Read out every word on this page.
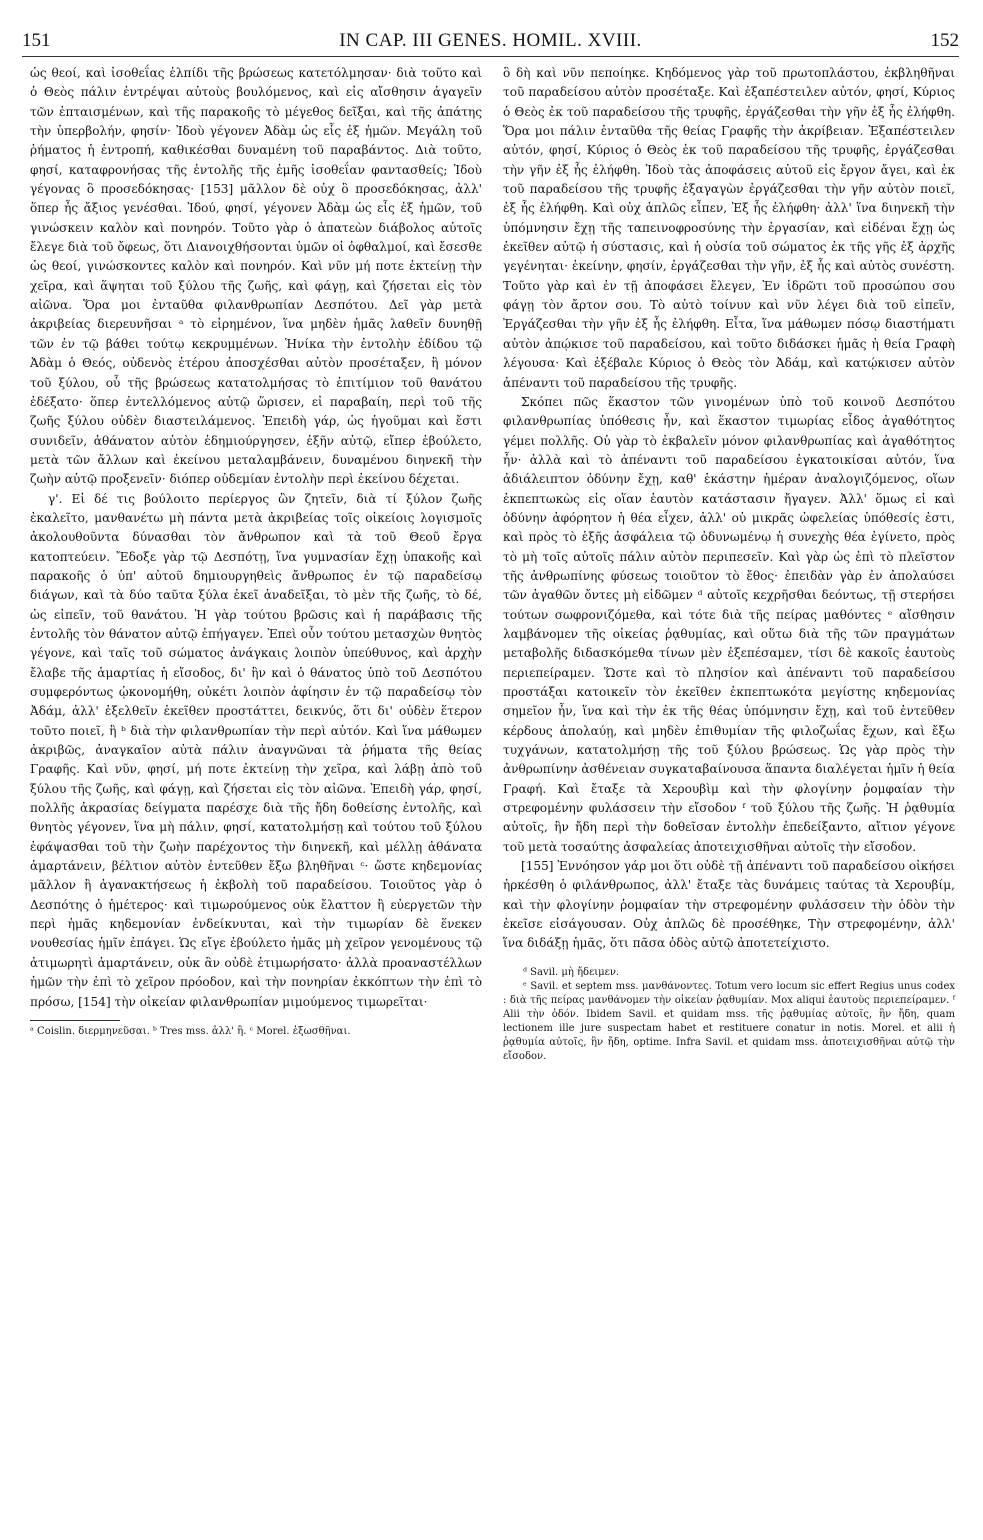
151	IN CAP. III GENES. HOMIL. XVIII.	152

ὡς θεοί, καὶ ἰσοθεΐας ἐλπίδι τῆς βρώσεως κατετόλμησαν· διὰ τοῦτο καὶ ὁ Θεὸς πάλιν ἐντρέψαι αὐτοὺς βουλόμενος, καὶ εἰς αἴσθησιν ἀγαγεῖν τῶν ἐπταισμένων, καὶ τῆς παρακοῆς τὸ μέγεθος δεῖξαι, καὶ τῆς ἀπάτης τὴν ὑπερβολήν, φησίν· Ἰδοὺ γέγονεν Ἀδὰμ ὡς εἷς ἐξ ἡμῶν. Μεγάλη τοῦ ῥήματος ἡ ἐντροπή, καθικέσθαι δυναμένη τοῦ παραβάντος. Διὰ τοῦτο, φησί, καταφρονήσας τῆς ἐντολῆς τῆς ἐμῆς ἰσοθεΐαν φαντασθείς; Ἰδοὺ γέγονας ὃ προσεδόκησας· [153] μᾶλλον δὲ οὐχ ὃ προσεδόκησας, ἀλλ' ὅπερ ἦς ἄξιος γενέσθαι. Ἰδού, φησί, γέγονεν Ἀδὰμ ὡς εἷς ἐξ ἡμῶν, τοῦ γινώσκειν καλὸν καὶ πονηρόν. Τοῦτο γὰρ ὁ ἀπατεὼν διάβολος αὐτοῖς ἔλεγε διὰ τοῦ ὄφεως, ὅτι Διανοιχθήσονται ὑμῶν οἱ ὀφθαλμοί, καὶ ἔσεσθε ὡς θεοί, γινώσκοντες καλὸν καὶ πονηρόν. Καὶ νῦν μή ποτε ἐκτείνῃ τὴν χεῖρα, καὶ ἅψηται τοῦ ξύλου τῆς ζωῆς, καὶ φάγῃ, καὶ ζήσεται εἰς τὸν αἰῶνα. Ὅρα μοι ἐνταῦθα φιλανθρωπίαν Δεσπότου. Δεῖ γὰρ μετὰ ἀκριβείας διερευνῆσαι ᵃ τὸ εἰρημένον, ἵνα μηδὲν ἡμᾶς λαθεῖν δυνηθῇ τῶν ἐν τῷ βάθει τούτῳ κεκρυμμένων. Ἡνίκα τὴν ἐντολὴν ἐδίδου τῷ Ἀδὰμ ὁ Θεός, οὐδενὸς ἑτέρου ἀποσχέσθαι αὐτὸν προσέταξεν, ἢ μόνον τοῦ ξύλου, οὗ τῆς βρώσεως κατατολμήσας τὸ ἐπιτίμιον τοῦ θανάτου ἐδέξατο· ὅπερ ἐντελλόμενος αὐτῷ ὥρισεν, εἰ παραβαίη, περὶ τοῦ τῆς ζωῆς ξύλου οὐδὲν διαστειλάμενος. Ἐπειδὴ γάρ, ὡς ἡγοῦμαι καὶ ἔστι συνιδεῖν, ἀθάνατον αὐτὸν ἐδημιούργησεν, ἐξῆν αὐτῷ, εἴπερ ἐβούλετο, μετὰ τῶν ἄλλων καὶ ἐκείνου μεταλαμβάνειν, δυναμένου διηνεκῆ τὴν ζωὴν αὐτῷ προξενεῖν· διόπερ οὐδεμίαν ἐντολὴν περὶ ἐκείνου δέχεται.

γ'. Εἰ δέ τις βούλοιτο περίεργος ὢν ζητεῖν, διὰ τί ξύλον ζωῆς ἐκαλεῖτο, μανθανέτω μὴ πάντα μετὰ ἀκριβείας τοῖς οἰκείοις λογισμοῖς ἀκολουθοῦντα δύνασθαι τὸν ἄνθρωπον καὶ τὰ τοῦ Θεοῦ ἔργα κατοπτεύειν. Ἔδοξε γὰρ τῷ Δεσπότῃ, ἵνα γυμνασίαν ἔχῃ ὑπακοῆς καὶ παρακοῆς ὁ ὑπ' αὐτοῦ δημιουργηθεὶς ἄνθρωπος ἐν τῷ παραδείσῳ διάγων, καὶ τὰ δύο ταῦτα ξύλα ἐκεῖ ἀναδεῖξαι, τὸ μὲν τῆς ζωῆς, τὸ δέ, ὡς εἰπεῖν, τοῦ θανάτου. Ἡ γὰρ τούτου βρῶσις καὶ ἡ παράβασις τῆς ἐντολῆς τὸν θάνατον αὐτῷ ἐπήγαγεν. Ἐπεὶ οὖν τούτου μετασχὼν θνητὸς γέγονε, καὶ ταῖς τοῦ σώματος ἀνάγκαις λοιπὸν ὑπεύθυνος, καὶ ἀρχὴν ἔλαβε τῆς ἁμαρτίας ἡ εἴσοδος, δι' ἣν καὶ ὁ θάνατος ὑπὸ τοῦ Δεσπότου συμφερόντως ᾠκονομήθη, οὐκέτι λοιπὸν ἀφίησιν ἐν τῷ παραδείσῳ τὸν Ἀδάμ, ἀλλ' ἐξελθεῖν ἐκεῖθεν προστάττει, δεικνύς, ὅτι δι' οὐδὲν ἕτερον τοῦτο ποιεῖ, ἢ ᵇ διὰ τὴν φιλανθρωπίαν τὴν περὶ αὐτόν. Καὶ ἵνα μάθωμεν ἀκριβῶς, ἀναγκαῖον αὐτὰ πάλιν ἀναγνῶναι τὰ ῥήματα τῆς θείας Γραφῆς. Καὶ νῦν, φησί, μή ποτε ἐκτείνῃ τὴν χεῖρα, καὶ λάβῃ ἀπὸ τοῦ ξύλου τῆς ζωῆς, καὶ φάγῃ, καὶ ζήσεται εἰς τὸν αἰῶνα. Ἐπειδὴ γάρ, φησί, πολλῆς ἀκρασίας δείγματα παρέσχε διὰ τῆς ἤδη δοθείσης ἐντολῆς, καὶ θνητὸς γέγονεν, ἵνα μὴ πάλιν, φησί, κατατολμήσῃ καὶ τούτου τοῦ ξύλου ἐφάψασθαι τοῦ τὴν ζωὴν παρέχοντος τὴν διηνεκῆ, καὶ μέλλῃ ἀθάνατα ἁμαρτάνειν, βέλτιον αὐτὸν ἐντεῦθεν ἔξω βληθῆναι ᶜ· ὥστε κηδεμονίας μᾶλλον ἢ ἀγανακτήσεως ἡ ἐκβολὴ τοῦ παραδείσου. Τοιοῦτος γὰρ ὁ Δεσπότης ὁ ἡμέτερος· καὶ τιμωρούμενος οὐκ ἔλαττον ἢ εὐεργετῶν τὴν περὶ ἡμᾶς κηδεμονίαν ἐνδείκνυται, καὶ τὴν τιμωρίαν δὲ ἕνεκεν νουθεσίας ἡμῖν ἐπάγει. Ὡς εἴγε ἐβούλετο ἡμᾶς μὴ χεῖρον γενομένους τῷ ἀτιμωρητὶ ἁμαρτάνειν, οὐκ ἂν οὐδὲ ἐτιμωρήσατο· ἀλλὰ προαναστέλλων ἡμῶν τὴν ἐπὶ τὸ χεῖρον πρόοδον, καὶ τὴν πονηρίαν ἐκκόπτων τὴν ἐπὶ τὸ πρόσω, [154] τὴν οἰκείαν φιλανθρωπίαν μιμούμενος τιμωρεῖται·

ᵃ Coislin. διερμηνεῦσαι. ᵇ Tres mss. ἀλλ' ἢ. ᶜ Morel. ἐξωσθῆναι.

ὃ δὴ καὶ νῦν πεποίηκε. Κηδόμενος γὰρ τοῦ πρωτοπλάστου, ἐκβληθῆναι τοῦ παραδείσου αὐτὸν προσέταξε. Καὶ ἐξαπέστειλεν αὐτόν, φησί, Κύριος ὁ Θεὸς ἐκ τοῦ παραδείσου τῆς τρυφῆς, ἐργάζεσθαι τὴν γῆν ἐξ ἧς ἐλήφθη. Ὅρα μοι πάλιν ἐνταῦθα τῆς θείας Γραφῆς τὴν ἀκρίβειαν. Ἐξαπέστειλεν αὐτόν, φησί, Κύριος ὁ Θεὸς ἐκ τοῦ παραδείσου τῆς τρυφῆς, ἐργάζεσθαι τὴν γῆν ἐξ ἧς ἐλήφθη. Ἰδοὺ τὰς ἀποφάσεις αὐτοῦ εἰς ἔργον ἄγει, καὶ ἐκ τοῦ παραδείσου τῆς τρυφῆς ἐξαγαγὼν ἐργάζεσθαι τὴν γῆν αὐτὸν ποιεῖ, ἐξ ἧς ἐλήφθη. Καὶ οὐχ ἁπλῶς εἶπεν, Ἐξ ἧς ἐλήφθη· ἀλλ' ἵνα διηνεκῆ τὴν ὑπόμνησιν ἔχῃ τῆς ταπεινοφροσύνης τὴν ἐργασίαν, καὶ εἰδέναι ἔχῃ ὡς ἐκεῖθεν αὐτῷ ἡ σύστασις, καὶ ἡ οὐσία τοῦ σώματος ἐκ τῆς γῆς ἐξ ἀρχῆς γεγένηται· ἐκείνην, φησίν, ἐργάζεσθαι τὴν γῆν, ἐξ ἧς καὶ αὐτὸς συνέστη. Τοῦτο γὰρ καὶ ἐν τῇ ἀποφάσει ἔλεγεν, Ἐν ἱδρῶτι τοῦ προσώπου σου φάγῃ τὸν ἄρτον σου. Τὸ αὐτὸ τοίνυν καὶ νῦν λέγει διὰ τοῦ εἰπεῖν, Ἐργάζεσθαι τὴν γῆν ἐξ ἧς ἐλήφθη. Εἶτα, ἵνα μάθωμεν πόσῳ διαστήματι αὐτὸν ἀπῴκισε τοῦ παραδείσου, καὶ τοῦτο διδάσκει ἡμᾶς ἡ θεία Γραφὴ λέγουσα· Καὶ ἐξέβαλε Κύριος ὁ Θεὸς τὸν Ἀδάμ, καὶ κατῴκισεν αὐτὸν ἀπέναντι τοῦ παραδείσου τῆς τρυφῆς.

Σκόπει πῶς ἕκαστον τῶν γινομένων ὑπὸ τοῦ κοινοῦ Δεσπότου φιλανθρωπίας ὑπόθεσις ἦν, καὶ ἕκαστον τιμωρίας εἶδος ἀγαθότητος γέμει πολλῆς. Οὐ γὰρ τὸ ἐκβαλεῖν μόνον φιλανθρωπίας καὶ ἀγαθότητος ἦν· ἀλλὰ καὶ τὸ ἀπέναντι τοῦ παραδείσου ἐγκατοικίσαι αὐτόν, ἵνα ἀδιάλειπτον ὀδύνην ἔχῃ, καθ' ἑκάστην ἡμέραν ἀναλογιζόμενος, οἵων ἐκπεπτωκὼς εἰς οἵαν ἑαυτὸν κατάστασιν ἤγαγεν. Ἀλλ' ὅμως εἰ καὶ ὀδύνην ἀφόρητον ἡ θέα εἶχεν, ἀλλ' οὐ μικρᾶς ὠφελείας ὑπόθεσίς ἐστι, καὶ πρὸς τὸ ἑξῆς ἀσφάλεια τῷ ὀδυνωμένῳ ἡ συνεχὴς θέα ἐγίνετο, πρὸς τὸ μὴ τοῖς αὐτοῖς πάλιν αὐτὸν περιπεσεῖν. Καὶ γὰρ ὡς ἐπὶ τὸ πλεῖστον τῆς ἀνθρωπίνης φύσεως τοιοῦτον τὸ ἔθος· ἐπειδὰν γὰρ ἐν ἀπολαύσει τῶν ἀγαθῶν ὄντες μὴ εἰδῶμεν ᵈ αὐτοῖς κεχρῆσθαι δεόντως, τῇ στερήσει τούτων σωφρονιζόμεθα, καὶ τότε διὰ τῆς πείρας μαθόντες ᵉ αἴσθησιν λαμβάνομεν τῆς οἰκείας ῥᾳθυμίας, καὶ οὕτω διὰ τῆς τῶν πραγμάτων μεταβολῆς διδασκόμεθα τίνων μὲν ἐξεπέσαμεν, τίσι δὲ κακοῖς ἑαυτοὺς περιεπείραμεν. Ὥστε καὶ τὸ πλησίον καὶ ἀπέναντι τοῦ παραδείσου προστάξαι κατοικεῖν τὸν ἐκεῖθεν ἐκπεπτωκότα μεγίστης κηδεμονίας σημεῖον ἦν, ἵνα καὶ τὴν ἐκ τῆς θέας ὑπόμνησιν ἔχῃ, καὶ τοῦ ἐντεῦθεν κέρδους ἀπολαύῃ, καὶ μηδὲν ἐπιθυμίαν τῆς φιλοζωΐας ἔχων, καὶ ἔξω τυχγάνων, κατατολμήσῃ τῆς τοῦ ξύλου βρώσεως. Ὡς γὰρ πρὸς τὴν ἀνθρωπίνην ἀσθένειαν συγκαταβαίνουσα ἅπαντα διαλέγεται ἡμῖν ἡ θεία Γραφή. Καὶ ἔταξε τὰ Χερουβὶμ καὶ τὴν φλογίνην ῥομφαίαν τὴν στρεφομένην φυλάσσειν τὴν εἴσοδον ᶠ τοῦ ξύλου τῆς ζωῆς. Ἡ ῥᾳθυμία αὐτοῖς, ἣν ἤδη περὶ τὴν δοθεῖσαν ἐντολὴν ἐπεδείξαντο, αἴτιον γέγονε τοῦ μετὰ τοσαύτης ἀσφαλείας ἀποτειχισθῆναι αὐτοῖς τὴν εἴσοδον.

[155] Ἐννόησον γάρ μοι ὅτι οὐδὲ τῇ ἀπέναντι τοῦ παραδείσου οἰκήσει ἠρκέσθη ὁ φιλάνθρωπος, ἀλλ' ἔταξε τὰς δυνάμεις ταύτας τὰ Χερουβίμ, καὶ τὴν φλογίνην ῥομφαίαν τὴν στρεφομένην φυλάσσειν τὴν ὁδὸν τὴν ἐκεῖσε εἰσάγουσαν. Οὐχ ἁπλῶς δὲ προσέθηκε, Τὴν στρεφομένην, ἀλλ' ἵνα διδάξῃ ἡμᾶς, ὅτι πᾶσα ὁδὸς αὐτῷ ἀποτετείχιστο.

ᵈ Savil. μὴ ἤδειμεν.

ᵉ Savil. et septem mss. μανθάνοντες. Totum vero locum sic effert Regius unus codex : διὰ τῆς πείρας μανθάνομεν τὴν οἰκείαν ῥᾳθυμίαν. Mox aliqui ἑαυτοὺς περιεπείραμεν. ᶠ Alii τὴν ὁδόν. Ibidem Savil. et quidam mss. τῆς ῥᾳθυμίας αὐτοῖς, ἣν ἤδη, quam lectionem ille jure suspectam habet et restituere conatur in notis. Morel. et alii ἡ ῥᾳθυμία αὐτοῖς, ἣν ἤδη, optime. Infra Savil. et quidam mss. ἀποτειχισθῆναι αὐτῷ τὴν εἴσοδον.
